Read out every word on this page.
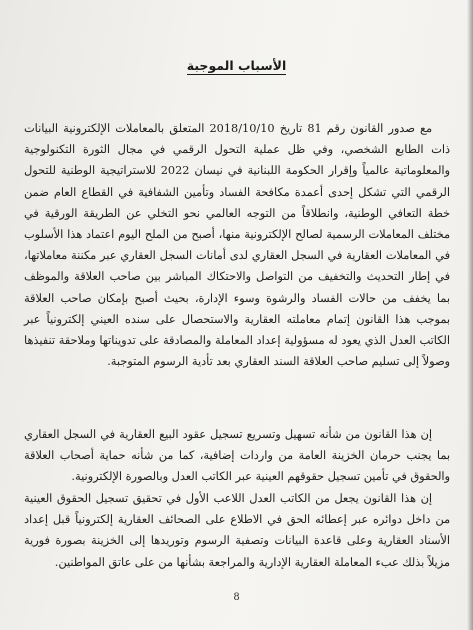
الأسباب الموجبة

مع صدور القانون رقم 81 تاريخ 2018/10/10 المتعلق بالمعاملات الإلكترونية البيانات ذات الطابع الشخصي، وفي ظل عملية التحول الرقمي في مجال الثورة التكنولوجية والمعلوماتية عالمياً وإقرار الحكومة اللبنانية في نيسان 2022 للاستراتيجية الوطنية للتحول الرقمي التي تشكل إحدى أعمدة مكافحة الفساد وتأمين الشفافية في القطاع العام ضمن خطة التعافي الوطنية، وانطلاقاً من التوجه العالمي نحو التخلي عن الطريقة الورقية في مختلف المعاملات الرسمية لصالح الإلكترونية منها، أصبح من الملح اليوم اعتماد هذا الأسلوب في المعاملات العقارية في السجل العقاري لدى أمانات السجل العقاري عبر مكننة معاملاتها، في إطار التحديث والتخفيف من التواصل والاحتكاك المباشر بين صاحب العلاقة والموظف بما يخفف من حالات الفساد والرشوة وسوء الإدارة، بحيث أصبح بإمكان صاحب العلاقة بموجب هذا القانون إتمام معاملته العقارية والاستحصال على سنده العيني إلكترونياً عبر الكاتب العدل الذي يعود له مسؤولية إعداد المعاملة والمصادقة على تدويناتها وملاحقة تنفيذها وصولاً إلى تسليم صاحب العلاقة السند العقاري بعد تأدية الرسوم المتوجبة.

إن هذا القانون من شأنه تسهيل وتسريع تسجيل عقود البيع العقارية في السجل العقاري بما يجنب حرمان الخزينة العامة من واردات إضافية، كما من شأنه حماية أصحاب العلاقة والحقوق في تأمين تسجيل حقوقهم العينية عبر الكاتب العدل وبالصورة الإلكترونية.

إن هذا القانون يجعل من الكاتب العدل اللاعب الأول في تحقيق تسجيل الحقوق العينية من داخل دوائره عبر إعطائه الحق في الاطلاع على الصحائف العقارية إلكترونياً قبل إعداد الأسناد العقارية وعلى قاعدة البيانات وتصفية الرسوم وتوريدها إلى الخزينة بصورة فورية مزيلاً بذلك عبء المعاملة العقارية الإدارية والمراجعة بشأنها من على عاتق المواطنين.

8
